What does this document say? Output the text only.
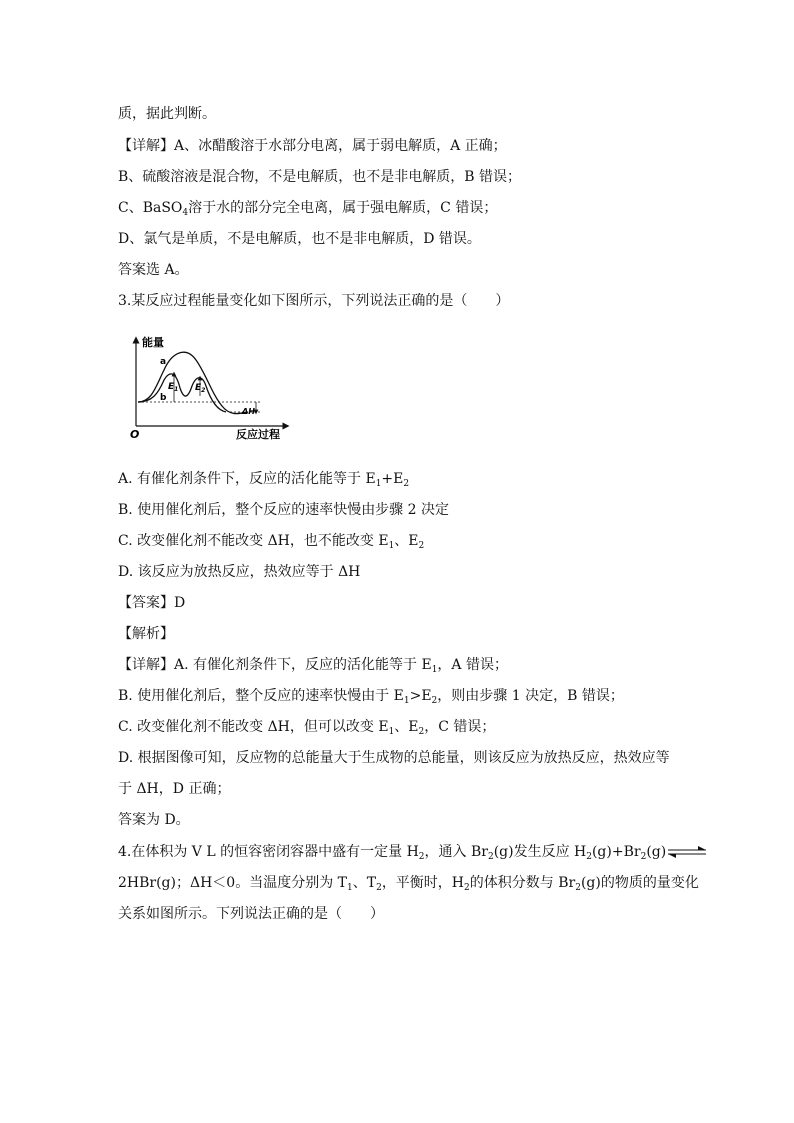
质，据此判断。
【详解】A、冰醋酸溶于水部分电离，属于弱电解质，A 正确；
B、硫酸溶液是混合物，不是电解质，也不是非电解质，B 错误；
C、BaSO$_4$溶于水的部分完全电离，属于强电解质，C 错误；
D、氯气是单质，不是电解质，也不是非电解质，D 错误。
答案选 A。
3.某反应过程能量变化如下图所示，下列说法正确的是（　　）
能量
反应过程
O
a
b
$E_1$ $E_2$
ΔH
A. 有催化剂条件下，反应的活化能等于 $E_1+E_2$
B. 使用催化剂后，整个反应的速率快慢由步骤 2 决定
C. 改变催化剂不能改变 ΔH，也不能改变 $E_1$、$E_2$
D. 该反应为放热反应，热效应等于 ΔH
【答案】D
【解析】
【详解】A. 有催化剂条件下，反应的活化能等于 $E_1$，A 错误；
B. 使用催化剂后，整个反应的速率快慢由于 $E_1>E_2$，则由步骤 1 决定，B 错误；
C. 改变催化剂不能改变 ΔH，但可以改变 $E_1$、$E_2$，C 错误；
D. 根据图像可知，反应物的总能量大于生成物的总能量，则该反应为放热反应，热效应等
于 ΔH，D 正确；
答案为 D。
4.在体积为 V L 的恒容密闭容器中盛有一定量 $H_2$，通入 $Br_2(g)$发生反应 $H_2(g)+Br_2(g)\rightleftharpoons$
2HBr(g)；ΔH＜0。当温度分别为 $T_1$、$T_2$，平衡时，$H_2$的体积分数与 $Br_2(g)$的物质的量变化
关系如图所示。下列说法正确的是（　　）
